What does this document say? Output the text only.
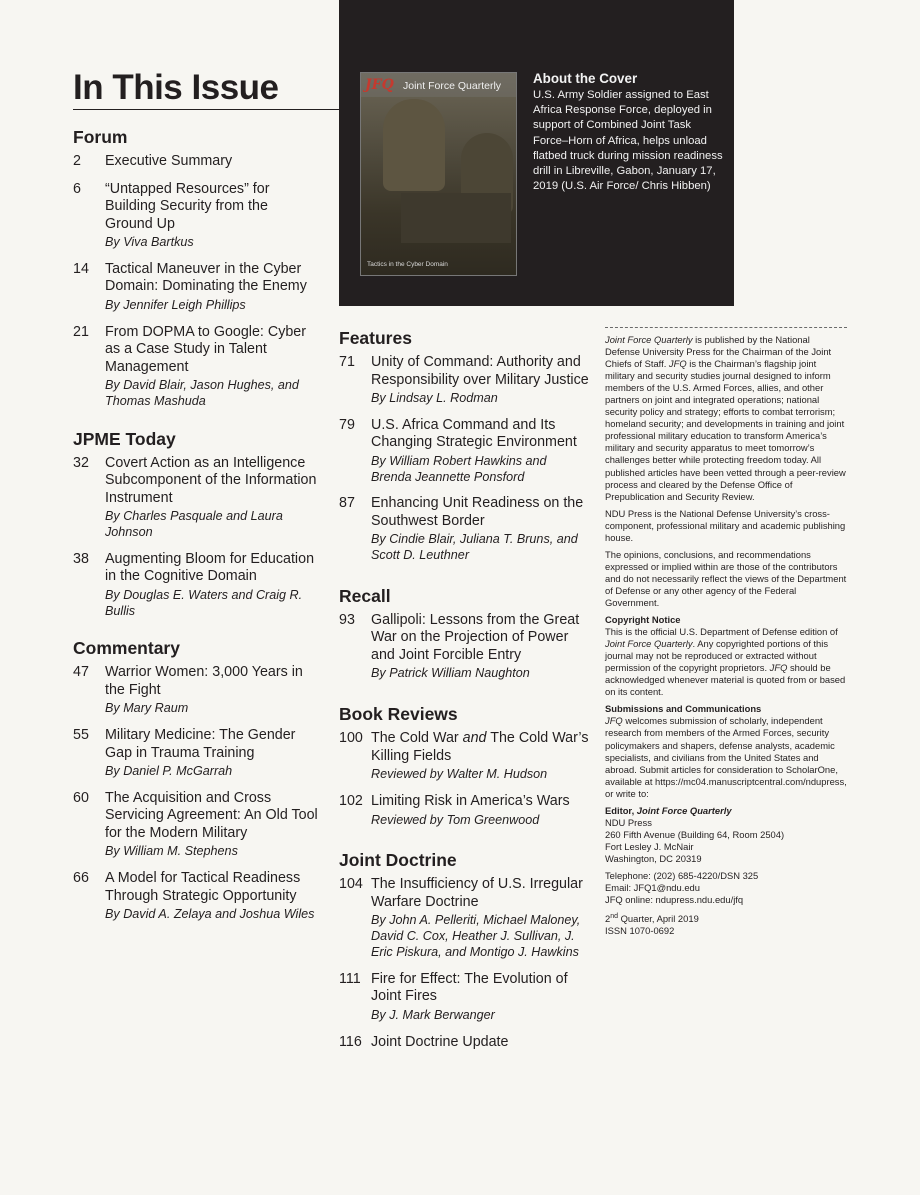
In This Issue	JFQ Joint Force Quarterly
Tactics in the Cyber Domain
About the Cover
U.S. Army Soldier assigned to East Africa Response Force, deployed in support of Combined Joint Task Force–Horn of Africa, helps unload flatbed truck during mission readiness drill in Libreville, Gabon, January 17, 2019 (U.S. Air Force/ Chris Hibben)
Forum
2	Executive Summary
6	“Untapped Resources” for Building Security from the Ground Up
By Viva Bartkus
14	Tactical Maneuver in the Cyber Domain: Dominating the Enemy
By Jennifer Leigh Phillips
21	From DOPMA to Google: Cyber as a Case Study in Talent Management
By David Blair, Jason Hughes, and Thomas Mashuda
JPME Today
32	Covert Action as an Intelligence Subcomponent of the Information Instrument
By Charles Pasquale and Laura Johnson
38	Augmenting Bloom for Education in the Cognitive Domain
By Douglas E. Waters and Craig R. Bullis
Commentary
47	Warrior Women: 3,000 Years in the Fight
By Mary Raum
55	Military Medicine: The Gender Gap in Trauma Training
By Daniel P. McGarrah
60	The Acquisition and Cross Servicing Agreement: An Old Tool for the Modern Military
By William M. Stephens
66	A Model for Tactical Readiness Through Strategic Opportunity
By David A. Zelaya and Joshua Wiles
Features
71	Unity of Command: Authority and Responsibility over Military Justice
By Lindsay L. Rodman
79	U.S. Africa Command and Its Changing Strategic Environment
By William Robert Hawkins and Brenda Jeannette Ponsford
87	Enhancing Unit Readiness on the Southwest Border
By Cindie Blair, Juliana T. Bruns, and Scott D. Leuthner
Recall
93	Gallipoli: Lessons from the Great War on the Projection of Power and Joint Forcible Entry
By Patrick William Naughton
Book Reviews
100 The Cold War and The Cold War’s Killing Fields
Reviewed by Walter M. Hudson
102 Limiting Risk in America’s Wars
Reviewed by Tom Greenwood
Joint Doctrine
104 The Insufficiency of U.S. Irregular Warfare Doctrine
By John A. Pelleriti, Michael Maloney, David C. Cox, Heather J. Sullivan, J. Eric Piskura, and Montigo J. Hawkins
111 Fire for Effect: The Evolution of Joint Fires
By J. Mark Berwanger
116 Joint Doctrine Update

Joint Force Quarterly is published by the National Defense University Press for the Chairman of the Joint Chiefs of Staff. JFQ is the Chairman’s flagship joint military and security studies journal designed to inform members of the U.S. Armed Forces, allies, and other partners on joint and integrated operations; national security policy and strategy; efforts to combat terrorism; homeland security; and developments in training and joint professional military education to transform America’s military and security apparatus to meet tomorrow’s challenges better while protecting freedom today. All published articles have been vetted through a peer-review process and cleared by the Defense Office of Prepublication and Security Review.

NDU Press is the National Defense University’s cross-component, professional military and academic publishing house.

The opinions, conclusions, and recommendations expressed or implied within are those of the contributors and do not necessarily reflect the views of the Department of Defense or any other agency of the Federal Government.

Copyright Notice

This is the official U.S. Department of Defense edition of Joint Force Quarterly. Any copyrighted portions of this journal may not be reproduced or extracted without permission of the copyright proprietors. JFQ should be acknowledged whenever material is quoted from or based on its content.

Submissions and Communications

JFQ welcomes submission of scholarly, independent research from members of the Armed Forces, security policymakers and shapers, defense analysts, academic specialists, and civilians from the United States and abroad. Submit articles for consideration to ScholarOne, available at https://mc04.manuscriptcentral.com/ndupress, or write to:

Editor, Joint Force Quarterly

NDU Press
260 Fifth Avenue (Building 64, Room 2504)
Fort Lesley J. McNair
Washington, DC 20319

Telephone: (202) 685-4220/DSN 325
Email: JFQ1@ndu.edu
JFQ online: ndupress.ndu.edu/jfq

2nd Quarter, April 2019
ISSN 1070-0692
